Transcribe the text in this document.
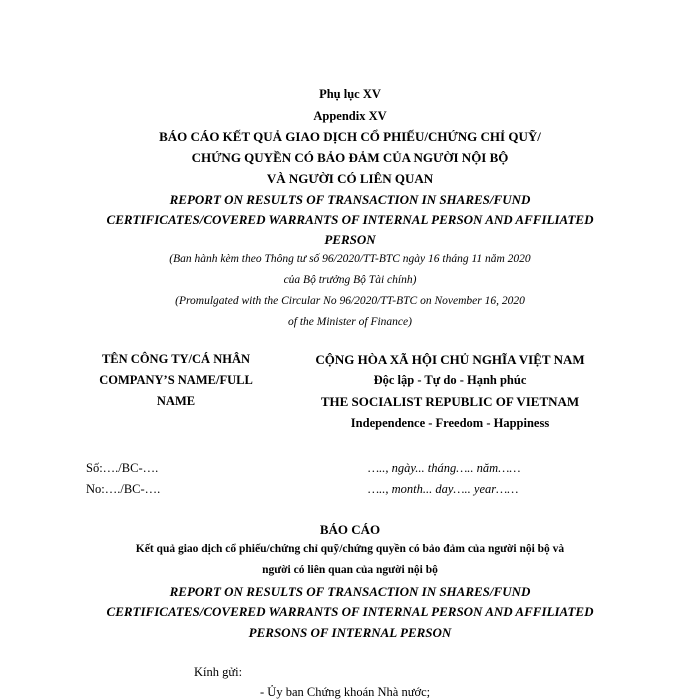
Phụ lục XV
Appendix XV
BÁO CÁO KẾT QUẢ GIAO DỊCH CỔ PHIẾU/CHỨNG CHỈ QUỸ/
CHỨNG QUYỀN CÓ BẢO ĐẢM CỦA NGƯỜI NỘI BỘ
VÀ NGƯỜI CÓ LIÊN QUAN
REPORT ON RESULTS OF TRANSACTION IN SHARES/FUND
CERTIFICATES/COVERED WARRANTS OF INTERNAL PERSON AND AFFILIATED
PERSON
(Ban hành kèm theo Thông tư số 96/2020/TT-BTC ngày 16 tháng 11 năm 2020
của Bộ trưởng Bộ Tài chính)
(Promulgated with the Circular No 96/2020/TT-BTC on November 16, 2020
of the Minister of Finance)
TÊN CÔNG TY/CÁ NHÂN
COMPANY’S NAME/FULL
NAME
CỘNG HÒA XÃ HỘI CHỦ NGHĨA VIỆT NAM
Độc lập - Tự do - Hạnh phúc
THE SOCIALIST REPUBLIC OF VIETNAM
Independence - Freedom - Happiness
Số:…./BC-….
No:…./BC-….
….., ngày... tháng….. năm……
….., month... day….. year……
BÁO CÁO
Kết quả giao dịch cổ phiếu/chứng chỉ quỹ/chứng quyền có bảo đảm của người nội bộ và
người có liên quan của người nội bộ
REPORT ON RESULTS OF TRANSACTION IN SHARES/FUND
CERTIFICATES/COVERED WARRANTS OF INTERNAL PERSON AND AFFILIATED
PERSONS OF INTERNAL PERSON
Kính gửi:
- Ủy ban Chứng khoán Nhà nước;
